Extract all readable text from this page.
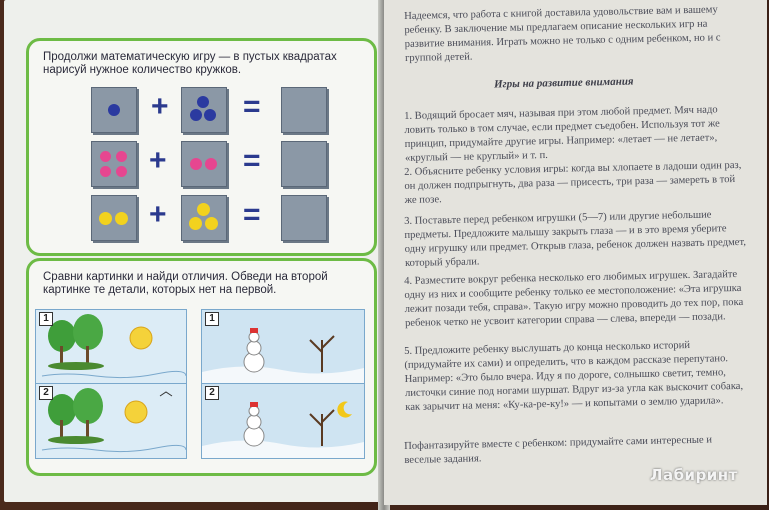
Продолжи математическую игру — в пустых квадратах нарисуй нужное количество кружков.
+ =
+	=
+	=
Сравни картинки и найди отличия. Обведи на второй картинке те детали, которых нет на первой.
1
2
1
2
Надеемся, что работа с книгой доставила удовольствие вам и вашему ребенку. В заключение мы предлагаем описание нескольких игр на развитие внимания. Играть можно не только с одним ребенком, но и с группой детей.
Игры на развитие внимания
1. Водящий бросает мяч, называя при этом любой предмет. Мяч надо ловить только в том случае, если предмет съедобен. Используя тот же принцип, придумайте другие игры. Например: «летает — не летает», «круглый — не круглый» и т. п.
2. Объясните ребенку условия игры: когда вы хлопаете в ладоши один раз, он должен подпрыгнуть, два раза — присесть, три раза — замереть в той же позе.
3. Поставьте перед ребенком игрушки (5—7) или другие небольшие предметы. Предложите малышу закрыть глаза — и в это время уберите одну игрушку или предмет. Открыв глаза, ребенок должен назвать предмет, который убрали.
4. Разместите вокруг ребенка несколько его любимых игрушек. Загадайте одну из них и сообщите ребенку только ее местоположение: «Эта игрушка лежит позади тебя, справа». Такую игру можно проводить до тех пор, пока ребенок четко не усвоит категории справа — слева, впереди — позади.
5. Предложите ребенку выслушать до конца несколько историй (придумайте их сами) и определить, что в каждом рассказе перепутано. Например: «Это было вчера. Иду я по дороге, солнышко светит, темно, листочки синие под ногами шуршат. Вдруг из-за угла как выскочит собака, как зарычит на меня: «Ку-ка-ре-ку!» — и копытами о землю ударила».
Пофантазируйте вместе с ребенком: придумайте сами интересные и веселые задания.
Лабиринт
